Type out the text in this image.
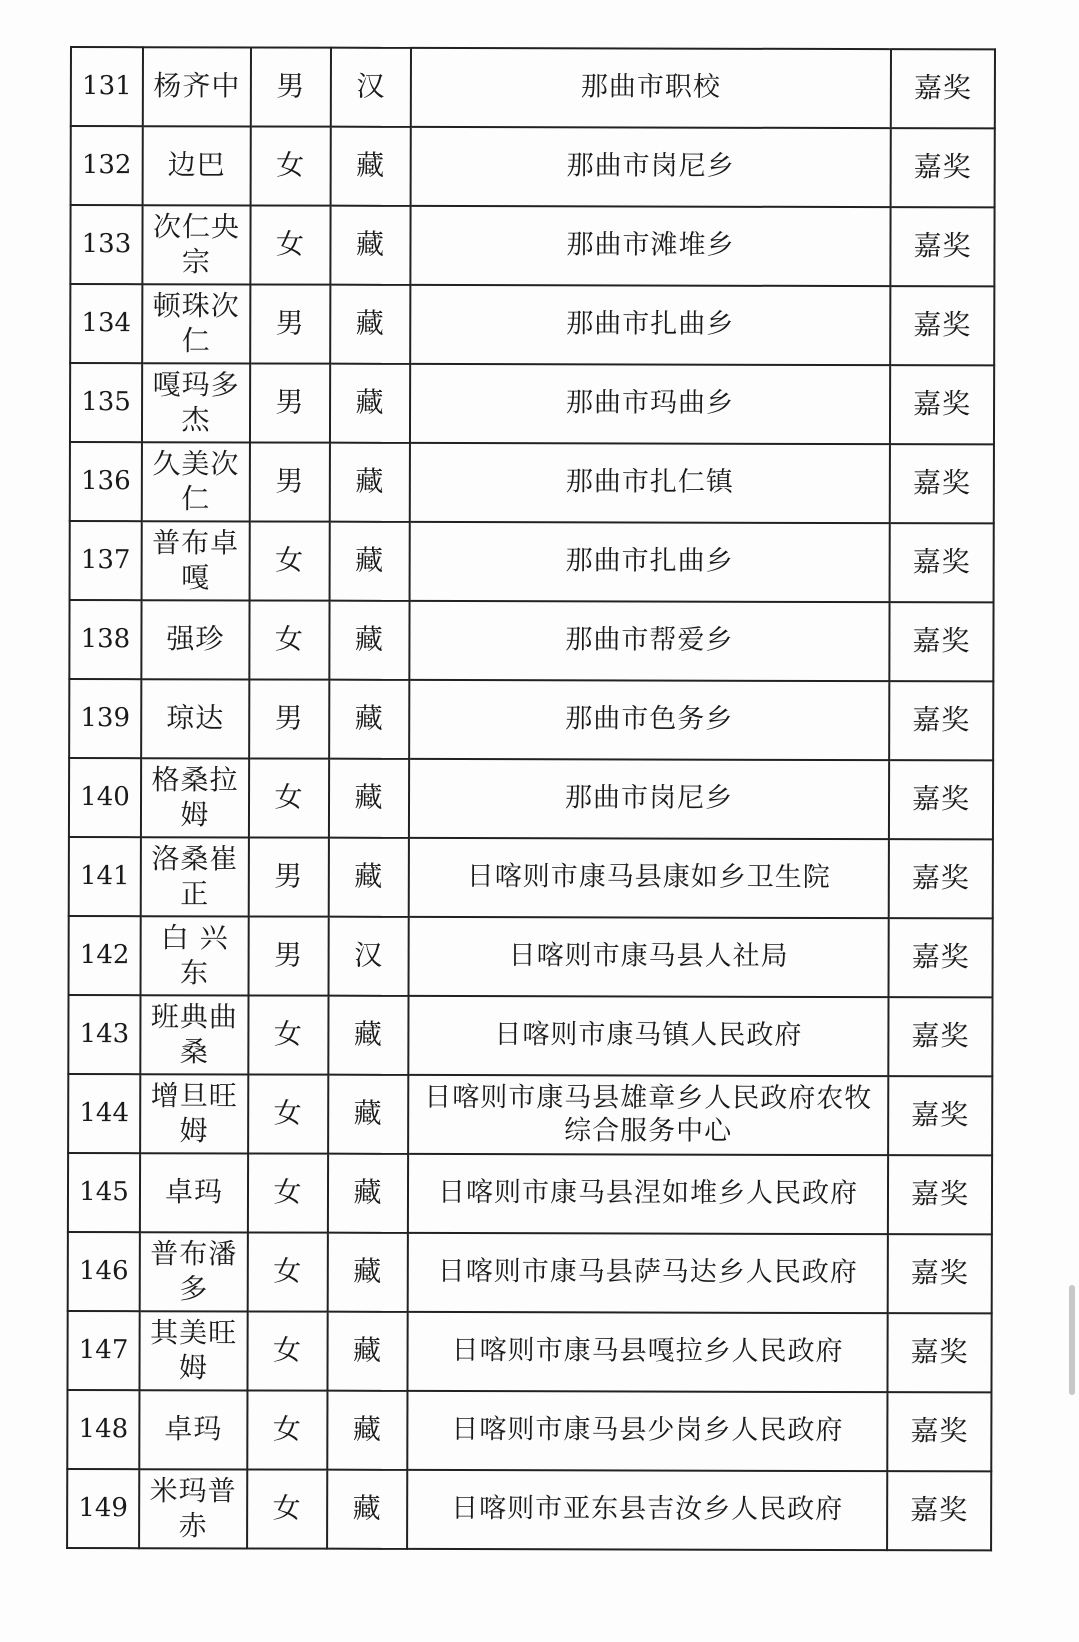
131	杨齐中	男	汉	那曲市职校	嘉奖
132	边巴	女	藏	那曲市岗尼乡	嘉奖
133	次仁央宗	女	藏	那曲市滩堆乡	嘉奖
134	顿珠次仁	男	藏	那曲市扎曲乡	嘉奖
135	嘎玛多杰	男	藏	那曲市玛曲乡	嘉奖
136	久美次仁	男	藏	那曲市扎仁镇	嘉奖
137	普布卓嘎	女	藏	那曲市扎曲乡	嘉奖
138	强珍	女	藏	那曲市帮爱乡	嘉奖
139	琼达	男	藏	那曲市色务乡	嘉奖
140	格桑拉姆	女	藏	那曲市岗尼乡	嘉奖
141	洛桑崔正	男	藏	日喀则市康马县康如乡卫生院	嘉奖
142	白 兴东	男	汉	日喀则市康马县人社局	嘉奖
143	班典曲桑	女	藏	日喀则市康马镇人民政府	嘉奖
144	增旦旺姆	女	藏	日喀则市康马县雄章乡人民政府农牧综合服务中心	嘉奖
145	卓玛	女	藏	日喀则市康马县涅如堆乡人民政府	嘉奖
146	普布潘多	女	藏	日喀则市康马县萨马达乡人民政府	嘉奖
147	其美旺姆	女	藏	日喀则市康马县嘎拉乡人民政府	嘉奖
148	卓玛	女	藏	日喀则市康马县少岗乡人民政府	嘉奖
149	米玛普赤	女	藏	日喀则市亚东县吉汝乡人民政府	嘉奖
